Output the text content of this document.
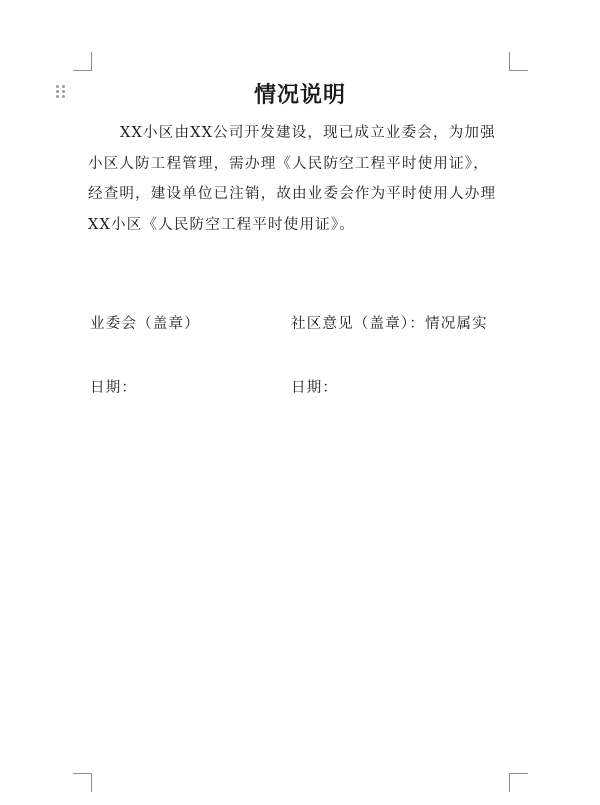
情况说明
XX小区由XX公司开发建设，现已成立业委会，为加强
小区人防工程管理，需办理《人民防空工程平时使用证》，
经查明，建设单位已注销，故由业委会作为平时使用人办理
XX小区《人民防空工程平时使用证》。
业委会（盖章）	社区意见（盖章）：情况属实
日期：	日期：
